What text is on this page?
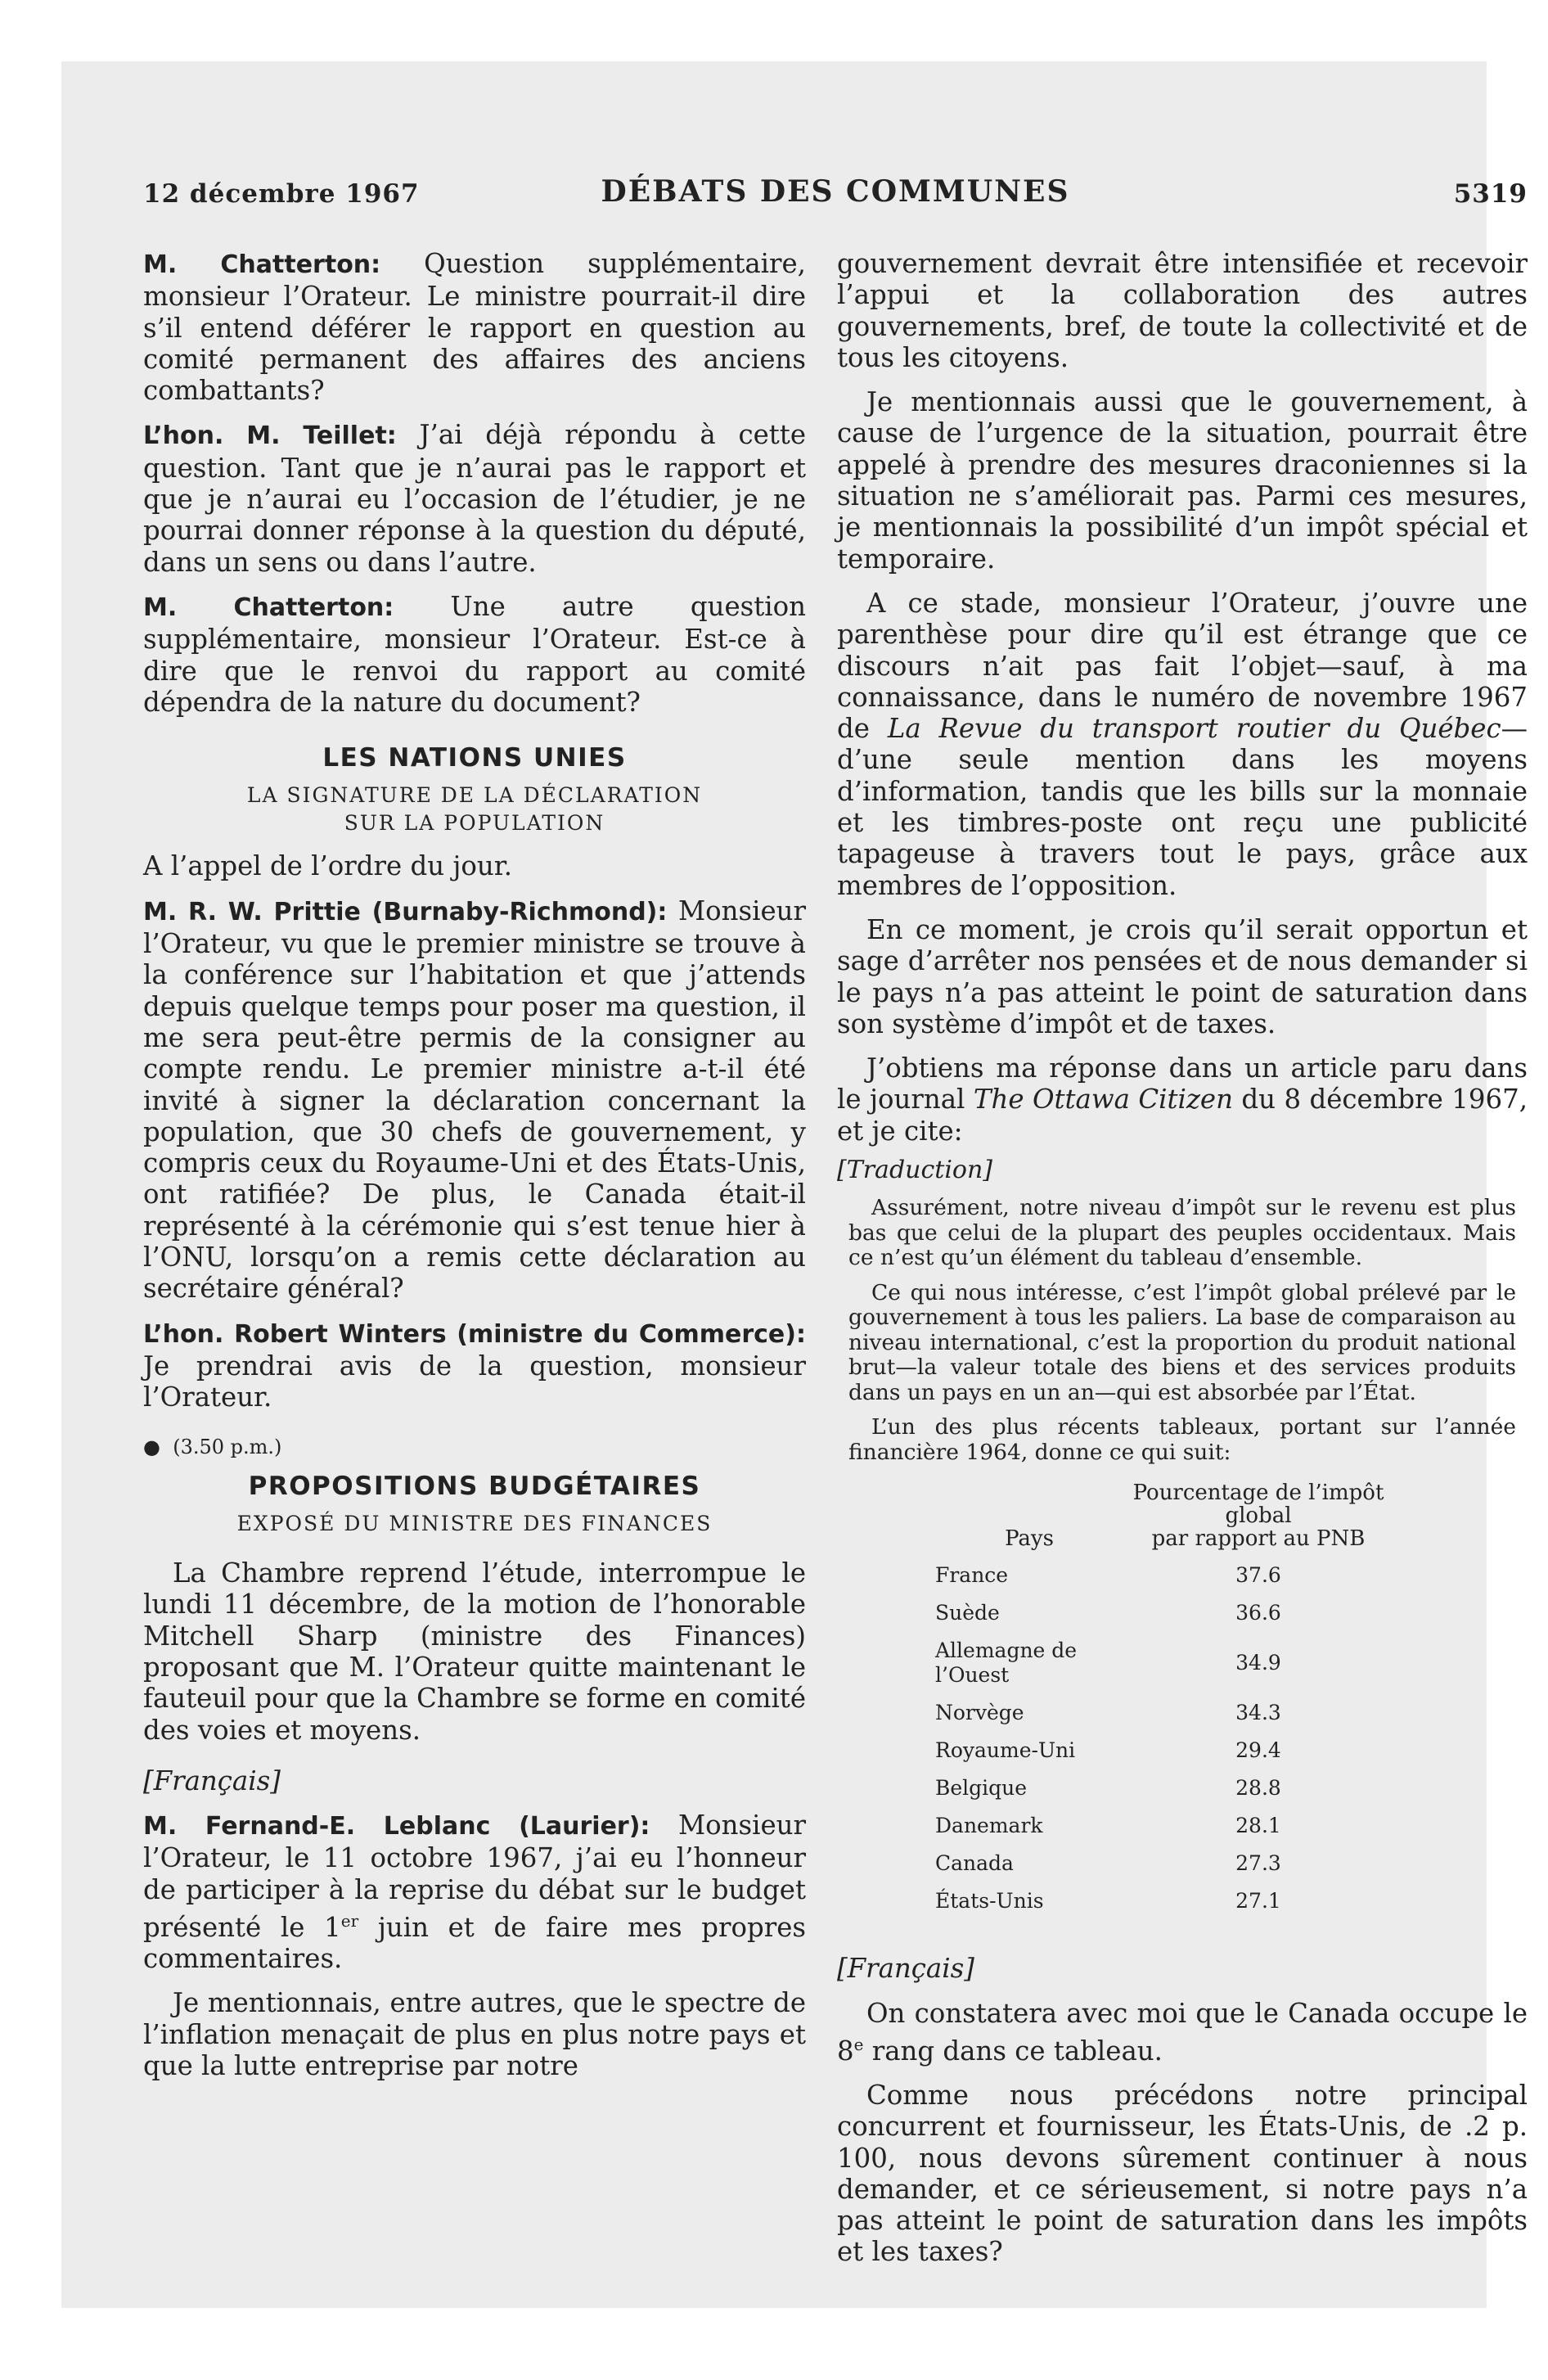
12 décembre 1967	DÉBATS DES COMMUNES	5319

M. Chatterton: Question supplémentaire, monsieur l’Orateur. Le ministre pourrait-il dire s’il entend déférer le rapport en question au comité permanent des affaires des anciens combattants?

L’hon. M. Teillet: J’ai déjà répondu à cette question. Tant que je n’aurai pas le rapport et que je n’aurai eu l’occasion de l’étudier, je ne pourrai donner réponse à la question du député, dans un sens ou dans l’autre.

M. Chatterton: Une autre question supplémentaire, monsieur l’Orateur. Est-ce à dire que le renvoi du rapport au comité dépendra de la nature du document?

LES NATIONS UNIES
LA SIGNATURE DE LA DÉCLARATION
SUR LA POPULATION

A l’appel de l’ordre du jour.

M. R. W. Prittie (Burnaby-Richmond): Monsieur l’Orateur, vu que le premier ministre se trouve à la conférence sur l’habitation et que j’attends depuis quelque temps pour poser ma question, il me sera peut-être permis de la consigner au compte rendu. Le premier ministre a-t-il été invité à signer la déclaration concernant la population, que 30 chefs de gouvernement, y compris ceux du Royaume-Uni et des États-Unis, ont ratifiée? De plus, le Canada était-il représenté à la cérémonie qui s’est tenue hier à l’ONU, lorsqu’on a remis cette déclaration au secrétaire général?

L’hon. Robert Winters (ministre du Commerce): Je prendrai avis de la question, monsieur l’Orateur.

●  (3.50 p.m.)
PROPOSITIONS BUDGÉTAIRES
EXPOSÉ DU MINISTRE DES FINANCES

La Chambre reprend l’étude, interrompue le lundi 11 décembre, de la motion de l’honorable Mitchell Sharp (ministre des Finances) proposant que M. l’Orateur quitte maintenant le fauteuil pour que la Chambre se forme en comité des voies et moyens.

[Français]

M. Fernand-E. Leblanc (Laurier): Monsieur l’Orateur, le 11 octobre 1967, j’ai eu l’honneur de participer à la reprise du débat sur le budget présenté le 1er juin et de faire mes propres commentaires.

Je mentionnais, entre autres, que le spectre de l’inflation menaçait de plus en plus notre pays et que la lutte entreprise par notre

gouvernement devrait être intensifiée et recevoir l’appui et la collaboration des autres gouvernements, bref, de toute la collectivité et de tous les citoyens.

Je mentionnais aussi que le gouvernement, à cause de l’urgence de la situation, pourrait être appelé à prendre des mesures draconiennes si la situation ne s’améliorait pas. Parmi ces mesures, je mentionnais la possibilité d’un impôt spécial et temporaire.

A ce stade, monsieur l’Orateur, j’ouvre une parenthèse pour dire qu’il est étrange que ce discours n’ait pas fait l’objet—sauf, à ma connaissance, dans le numéro de novembre 1967 de La Revue du transport routier du Québec—d’une seule mention dans les moyens d’information, tandis que les bills sur la monnaie et les timbres-poste ont reçu une publicité tapageuse à travers tout le pays, grâce aux membres de l’opposition.

En ce moment, je crois qu’il serait opportun et sage d’arrêter nos pensées et de nous demander si le pays n’a pas atteint le point de saturation dans son système d’impôt et de taxes.

J’obtiens ma réponse dans un article paru dans le journal The Ottawa Citizen du 8 décembre 1967, et je cite:

[Traduction]

Assurément, notre niveau d’impôt sur le revenu est plus bas que celui de la plupart des peuples occidentaux. Mais ce n’est qu’un élément du tableau d’ensemble.

Ce qui nous intéresse, c’est l’impôt global prélevé par le gouvernement à tous les paliers. La base de comparaison au niveau international, c’est la proportion du produit national brut—la valeur totale des biens et des services produits dans un pays en un an—qui est absorbée par l’État.

L’un des plus récents tableaux, portant sur l’année financière 1964, donne ce qui suit:

Pays	Pourcentage de l’impôt global
par rapport au PNB
France	37.6
Suède	36.6
Allemagne de l’Ouest	34.9
Norvège	34.3
Royaume-Uni	29.4
Belgique	28.8
Danemark	28.1
Canada	27.3
États-Unis	27.1

[Français]

On constatera avec moi que le Canada occupe le 8e rang dans ce tableau.

Comme nous précédons notre principal concurrent et fournisseur, les États-Unis, de .2 p. 100, nous devons sûrement continuer à nous demander, et ce sérieusement, si notre pays n’a pas atteint le point de saturation dans les impôts et les taxes?
